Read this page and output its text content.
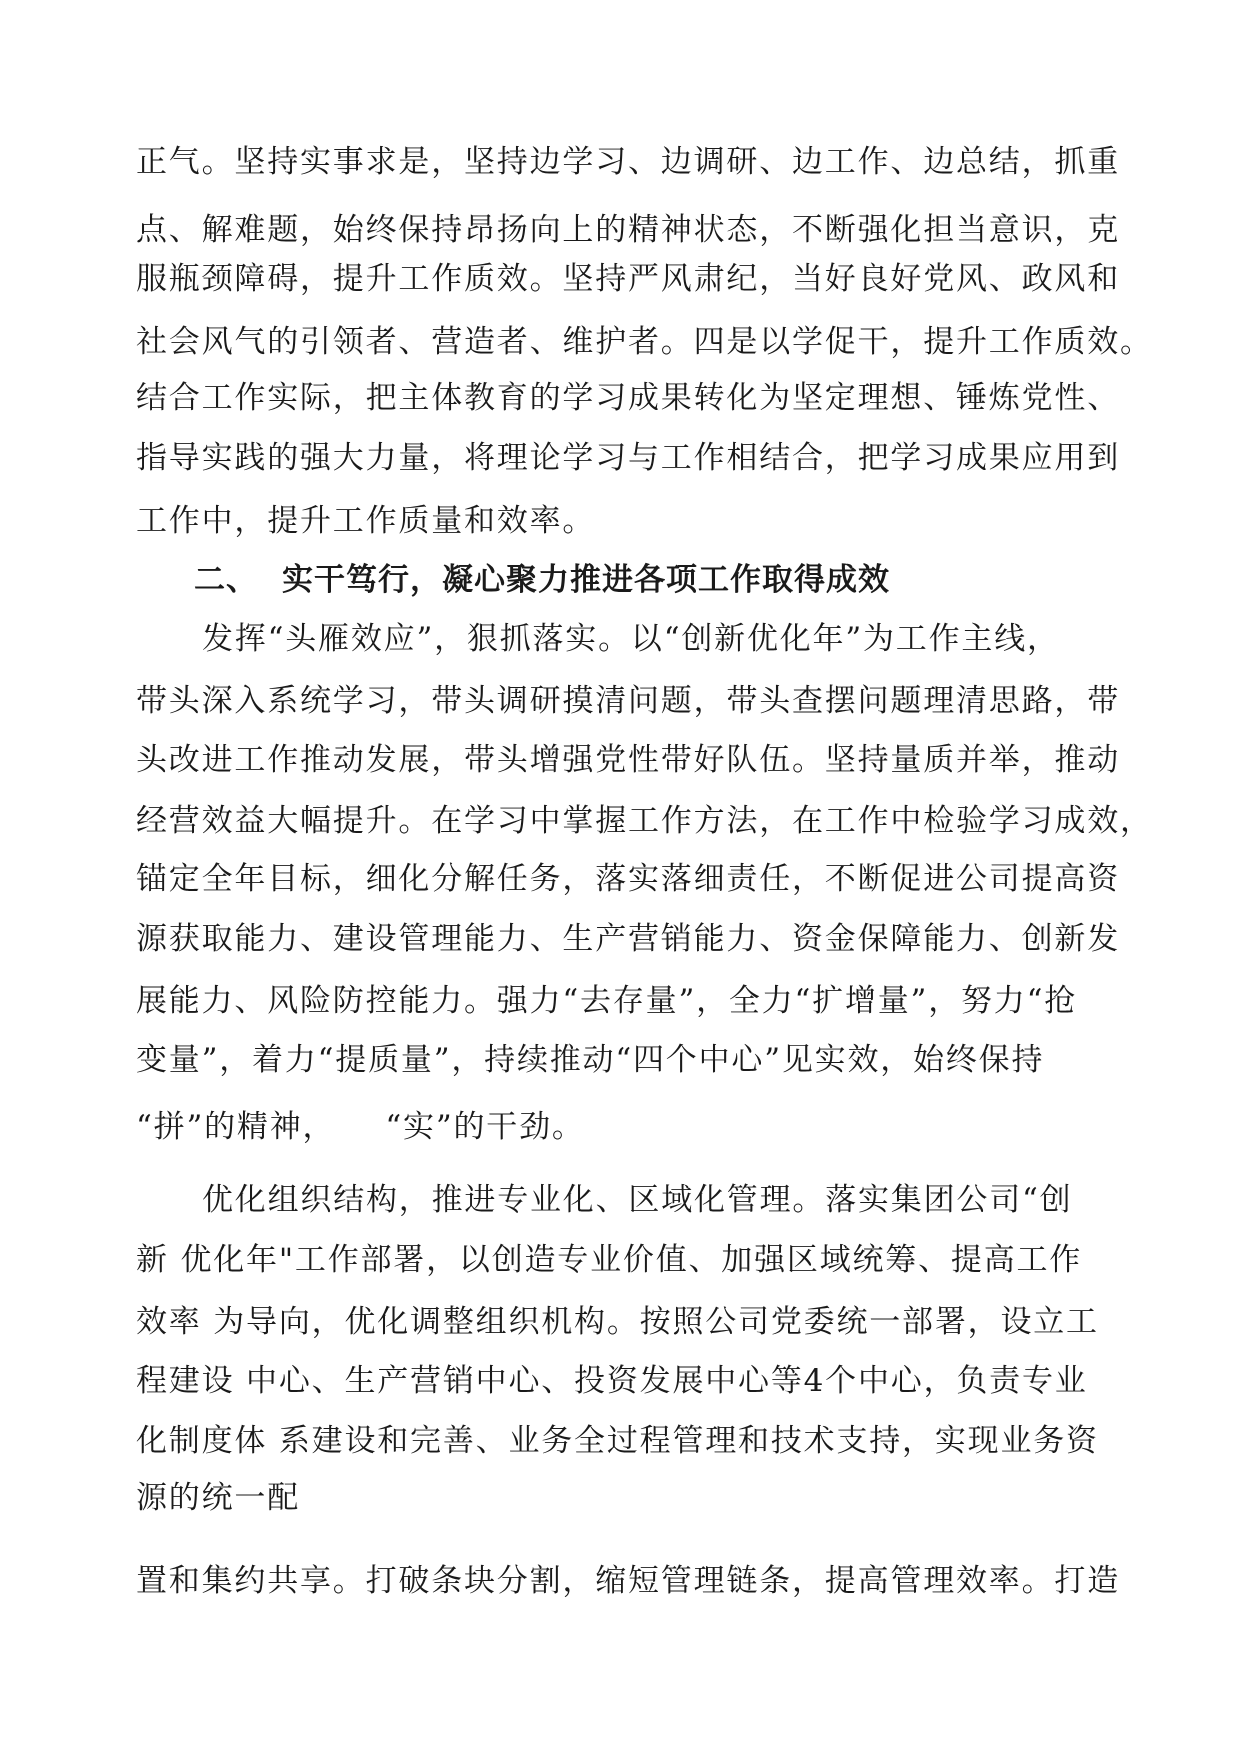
正气。坚持实事求是，坚持边学习、边调研、边工作、边总结，抓重
点、解难题，始终保持昂扬向上的精神状态，不断强化担当意识，克
服瓶颈障碍，提升工作质效。坚持严风肃纪，当好良好党风、政风和
社会风气的引领者、营造者、维护者。四是以学促干，提升工作质效。
结合工作实际，把主体教育的学习成果转化为坚定理想、锤炼党性、
指导实践的强大力量，将理论学习与工作相结合，把学习成果应用到
工作中，提升工作质量和效率。
二、 实干笃行，凝心聚力推进各项工作取得成效
发挥“头雁效应”，狠抓落实。以“创新优化年”为工作主线，
带头深入系统学习，带头调研摸清问题，带头查摆问题理清思路，带
头改进工作推动发展，带头增强党性带好队伍。坚持量质并举，推动
经营效益大幅提升。在学习中掌握工作方法，在工作中检验学习成效，
锚定全年目标，细化分解任务，落实落细责任，不断促进公司提高资
源获取能力、建设管理能力、生产营销能力、资金保障能力、创新发
展能力、风险防控能力。强力“去存量”，全力“扩增量”，努力“抢
变量”，着力“提质量”，持续推动“四个中心”见实效，始终保持
“拼”的精神，　　“实”的干劲。
优化组织结构，推进专业化、区域化管理。落实集团公司“创
新 优化年"工作部署，以创造专业价值、加强区域统筹、提高工作
效率 为导向，优化调整组织机构。按照公司党委统一部署，设立工
程建设 中心、生产营销中心、投资发展中心等4个中心，负责专业
化制度体 系建设和完善、业务全过程管理和技术支持，实现业务资
源的统一配
置和集约共享。打破条块分割，缩短管理链条，提高管理效率。打造
